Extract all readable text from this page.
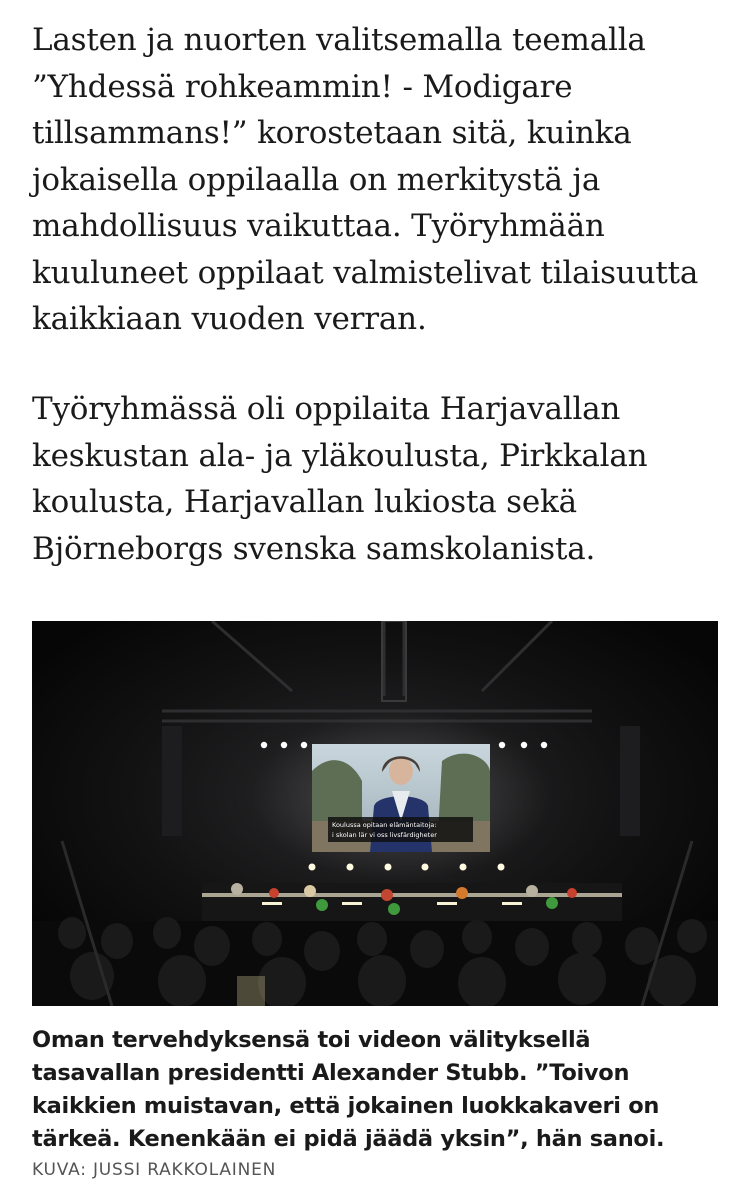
Lasten ja nuorten valitsemalla teemalla ”Yhdessä rohkeammin! - Modigare tillsammans!” korostetaan sitä, kuinka jokaisella oppilaalla on merkitystä ja mahdollisuus vaikuttaa. Työryhmään kuuluneet oppilaat valmistelivat tilaisuutta kaikkiaan vuoden verran.

Työryhmässä oli oppilaita Harjavallan keskustan ala- ja yläkoulusta, Pirkkalan koulusta, Harjavallan lukiosta sekä Björneborgs svenska samskolanista.

Koulussa opitaan elämäntaitoja:
i skolan lär vi oss livsfärdigheter

Oman tervehdyksensä toi videon välityksellä tasavallan presidentti Alexander Stubb. ”Toivon kaikkien muistavan, että jokainen luokkakaveri on tärkeä. Kenenkään ei pidä jäädä yksin”, hän sanoi.

KUVA: JUSSI RAKKOLAINEN
